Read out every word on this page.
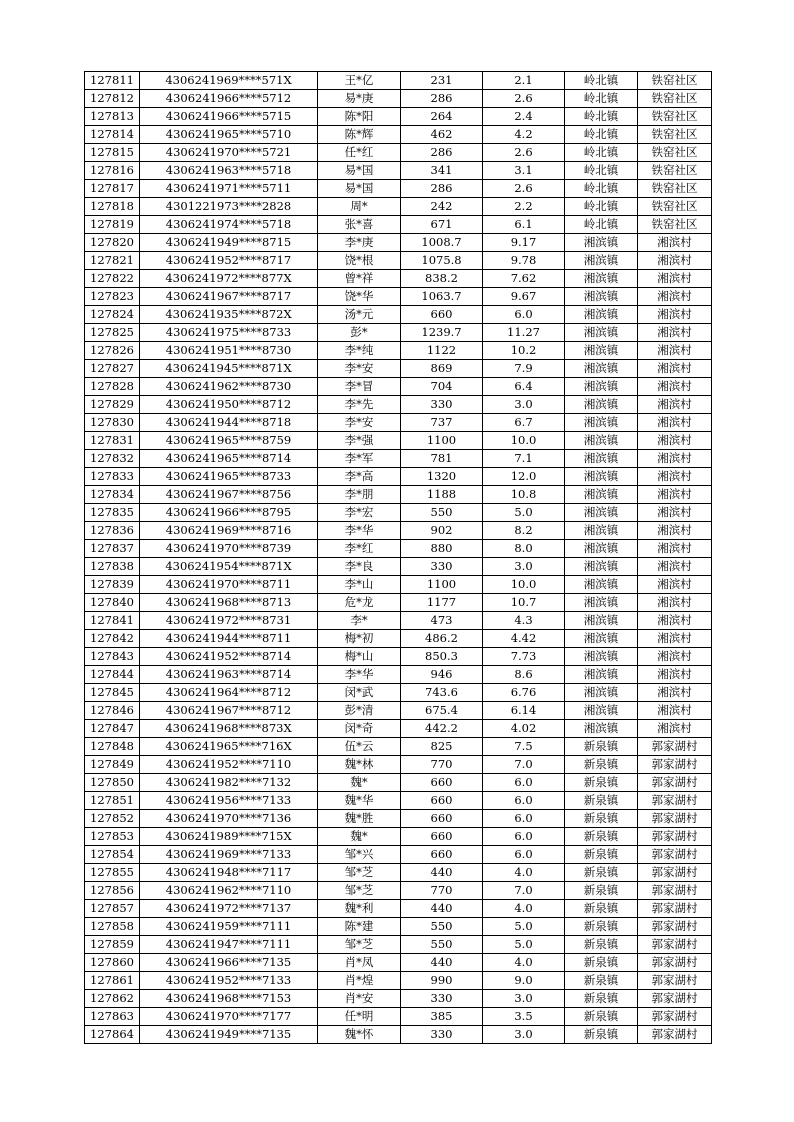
127811	4306241969****571X	王*亿	231	2.1	岭北镇	铁窑社区
127812	4306241966****5712	易*庚	286	2.6	岭北镇	铁窑社区
127813	4306241966****5715	陈*阳	264	2.4	岭北镇	铁窑社区
127814	4306241965****5710	陈*辉	462	4.2	岭北镇	铁窑社区
127815	4306241970****5721	任*红	286	2.6	岭北镇	铁窑社区
127816	4306241963****5718	易*国	341	3.1	岭北镇	铁窑社区
127817	4306241971****5711	易*国	286	2.6	岭北镇	铁窑社区
127818	4301221973****2828	周*	242	2.2	岭北镇	铁窑社区
127819	4306241974****5718	张*喜	671	6.1	岭北镇	铁窑社区
127820	4306241949****8715	李*庚	1008.7	9.17	湘滨镇	湘滨村
127821	4306241952****8717	饶*根	1075.8	9.78	湘滨镇	湘滨村
127822	4306241972****877X	曾*祥	838.2	7.62	湘滨镇	湘滨村
127823	4306241967****8717	饶*华	1063.7	9.67	湘滨镇	湘滨村
127824	4306241935****872X	汤*元	660	6.0	湘滨镇	湘滨村
127825	4306241975****8733	彭*	1239.7	11.27	湘滨镇	湘滨村
127826	4306241951****8730	李*纯	1122	10.2	湘滨镇	湘滨村
127827	4306241945****871X	李*安	869	7.9	湘滨镇	湘滨村
127828	4306241962****8730	李*冒	704	6.4	湘滨镇	湘滨村
127829	4306241950****8712	李*先	330	3.0	湘滨镇	湘滨村
127830	4306241944****8718	李*安	737	6.7	湘滨镇	湘滨村
127831	4306241965****8759	李*强	1100	10.0	湘滨镇	湘滨村
127832	4306241965****8714	李*军	781	7.1	湘滨镇	湘滨村
127833	4306241965****8733	李*高	1320	12.0	湘滨镇	湘滨村
127834	4306241967****8756	李*朋	1188	10.8	湘滨镇	湘滨村
127835	4306241966****8795	李*宏	550	5.0	湘滨镇	湘滨村
127836	4306241969****8716	李*华	902	8.2	湘滨镇	湘滨村
127837	4306241970****8739	李*红	880	8.0	湘滨镇	湘滨村
127838	4306241954****871X	李*良	330	3.0	湘滨镇	湘滨村
127839	4306241970****8711	李*山	1100	10.0	湘滨镇	湘滨村
127840	4306241968****8713	危*龙	1177	10.7	湘滨镇	湘滨村
127841	4306241972****8731	李*	473	4.3	湘滨镇	湘滨村
127842	4306241944****8711	梅*初	486.2	4.42	湘滨镇	湘滨村
127843	4306241952****8714	梅*山	850.3	7.73	湘滨镇	湘滨村
127844	4306241963****8714	李*华	946	8.6	湘滨镇	湘滨村
127845	4306241964****8712	闵*武	743.6	6.76	湘滨镇	湘滨村
127846	4306241967****8712	彭*清	675.4	6.14	湘滨镇	湘滨村
127847	4306241968****873X	闵*奇	442.2	4.02	湘滨镇	湘滨村
127848	4306241965****716X	伍*云	825	7.5	新泉镇	郭家湖村
127849	4306241952****7110	魏*林	770	7.0	新泉镇	郭家湖村
127850	4306241982****7132	魏*	660	6.0	新泉镇	郭家湖村
127851	4306241956****7133	魏*华	660	6.0	新泉镇	郭家湖村
127852	4306241970****7136	魏*胜	660	6.0	新泉镇	郭家湖村
127853	4306241989****715X	魏*	660	6.0	新泉镇	郭家湖村
127854	4306241969****7133	邹*兴	660	6.0	新泉镇	郭家湖村
127855	4306241948****7117	邹*芝	440	4.0	新泉镇	郭家湖村
127856	4306241962****7110	邹*芝	770	7.0	新泉镇	郭家湖村
127857	4306241972****7137	魏*利	440	4.0	新泉镇	郭家湖村
127858	4306241959****7111	陈*建	550	5.0	新泉镇	郭家湖村
127859	4306241947****7111	邹*芝	550	5.0	新泉镇	郭家湖村
127860	4306241966****7135	肖*凤	440	4.0	新泉镇	郭家湖村
127861	4306241952****7133	肖*煌	990	9.0	新泉镇	郭家湖村
127862	4306241968****7153	肖*安	330	3.0	新泉镇	郭家湖村
127863	4306241970****7177	任*明	385	3.5	新泉镇	郭家湖村
127864	4306241949****7135	魏*怀	330	3.0	新泉镇	郭家湖村
